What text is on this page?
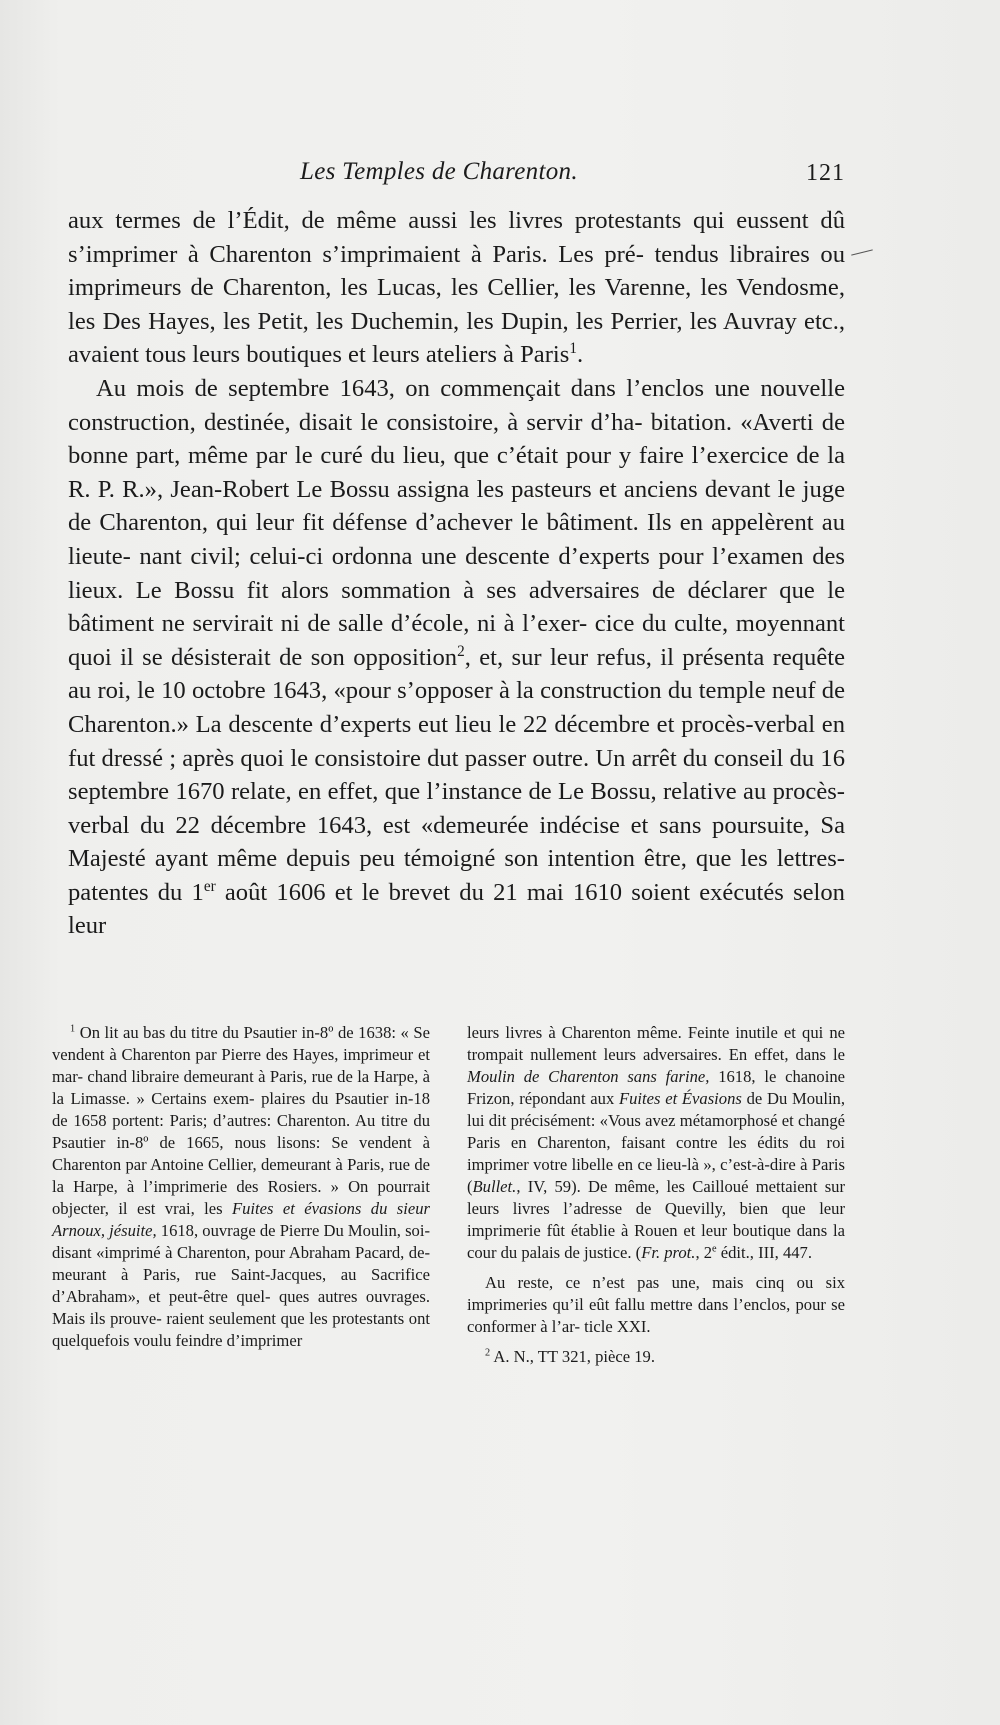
Les Temples de Charenton.	121

aux termes de l’Édit, de même aussi les livres protestants qui eussent dû s’imprimer à Charenton s’imprimaient à Paris. Les pré- tendus libraires ou imprimeurs de Charenton, les Lucas, les Cellier, les Varenne, les Vendosme, les Des Hayes, les Petit, les Duchemin, les Dupin, les Perrier, les Auvray etc., avaient tous leurs boutiques et leurs ateliers à Paris$^1$.

Au mois de septembre 1643, on commençait dans l’enclos une nouvelle construction, destinée, disait le consistoire, à servir d’ha- bitation. «Averti de bonne part, même par le curé du lieu, que c’était pour y faire l’exercice de la R. P. R.», Jean-Robert Le Bossu assigna les pasteurs et anciens devant le juge de Charenton, qui leur fit défense d’achever le bâtiment. Ils en appelèrent au lieute- nant civil; celui-ci ordonna une descente d’experts pour l’examen des lieux. Le Bossu fit alors sommation à ses adversaires de déclarer que le bâtiment ne servirait ni de salle d’école, ni à l’exer- cice du culte, moyennant quoi il se désisterait de son opposition$^2$, et, sur leur refus, il présenta requête au roi, le 10 octobre 1643, «pour s’opposer à la construction du temple neuf de Charenton.» La descente d’experts eut lieu le 22 décembre et procès-verbal en fut dressé ; après quoi le consistoire dut passer outre. Un arrêt du conseil du 16 septembre 1670 relate, en effet, que l’instance de Le Bossu, relative au procès-verbal du 22 décembre 1643, est «demeurée indécise et sans poursuite, Sa Majesté ayant même depuis peu témoigné son intention être, que les lettres-patentes du 1er août 1606 et le brevet du 21 mai 1610 soient exécutés selon leur

$^1$ On lit au bas du titre du Psautier in-8º de 1638: « Se vendent à Charenton par Pierre des Hayes, imprimeur et mar- chand libraire demeurant à Paris, rue de la Harpe, à la Limasse. » Certains exem- plaires du Psautier in-18 de 1658 portent: Paris; d’autres: Charenton. Au titre du Psautier in-8º de 1665, nous lisons: Se vendent à Charenton par Antoine Cellier, demeurant à Paris, rue de la Harpe, à l’imprimerie des Rosiers. » On pourrait objecter, il est vrai, les Fuites et évasions du sieur Arnoux, jésuite, 1618, ouvrage de Pierre Du Moulin, soi-disant «imprimé à Charenton, pour Abraham Pacard, de- meurant à Paris, rue Saint-Jacques, au Sacrifice d’Abraham», et peut-être quel- ques autres ouvrages. Mais ils prouve- raient seulement que les protestants ont quelquefois voulu feindre d’imprimer

leurs livres à Charenton même. Feinte inutile et qui ne trompait nullement leurs adversaires. En effet, dans le Moulin de Charenton sans farine, 1618, le chanoine Frizon, répondant aux Fuites et Évasions de Du Moulin, lui dit précisément: «Vous avez métamorphosé et changé Paris en Charenton, faisant contre les édits du roi imprimer votre libelle en ce lieu-là », c’est-à-dire à Paris (Bullet., IV, 59). De même, les Cailloué mettaient sur leurs livres l’adresse de Quevilly, bien que leur imprimerie fût établie à Rouen et leur boutique dans la cour du palais de justice. (Fr. prot., 2e édit., III, 447.

Au reste, ce n’est pas une, mais cinq ou six imprimeries qu’il eût fallu mettre dans l’enclos, pour se conformer à l’ar- ticle XXI.

$^2$ A. N., TT 321, pièce 19.
